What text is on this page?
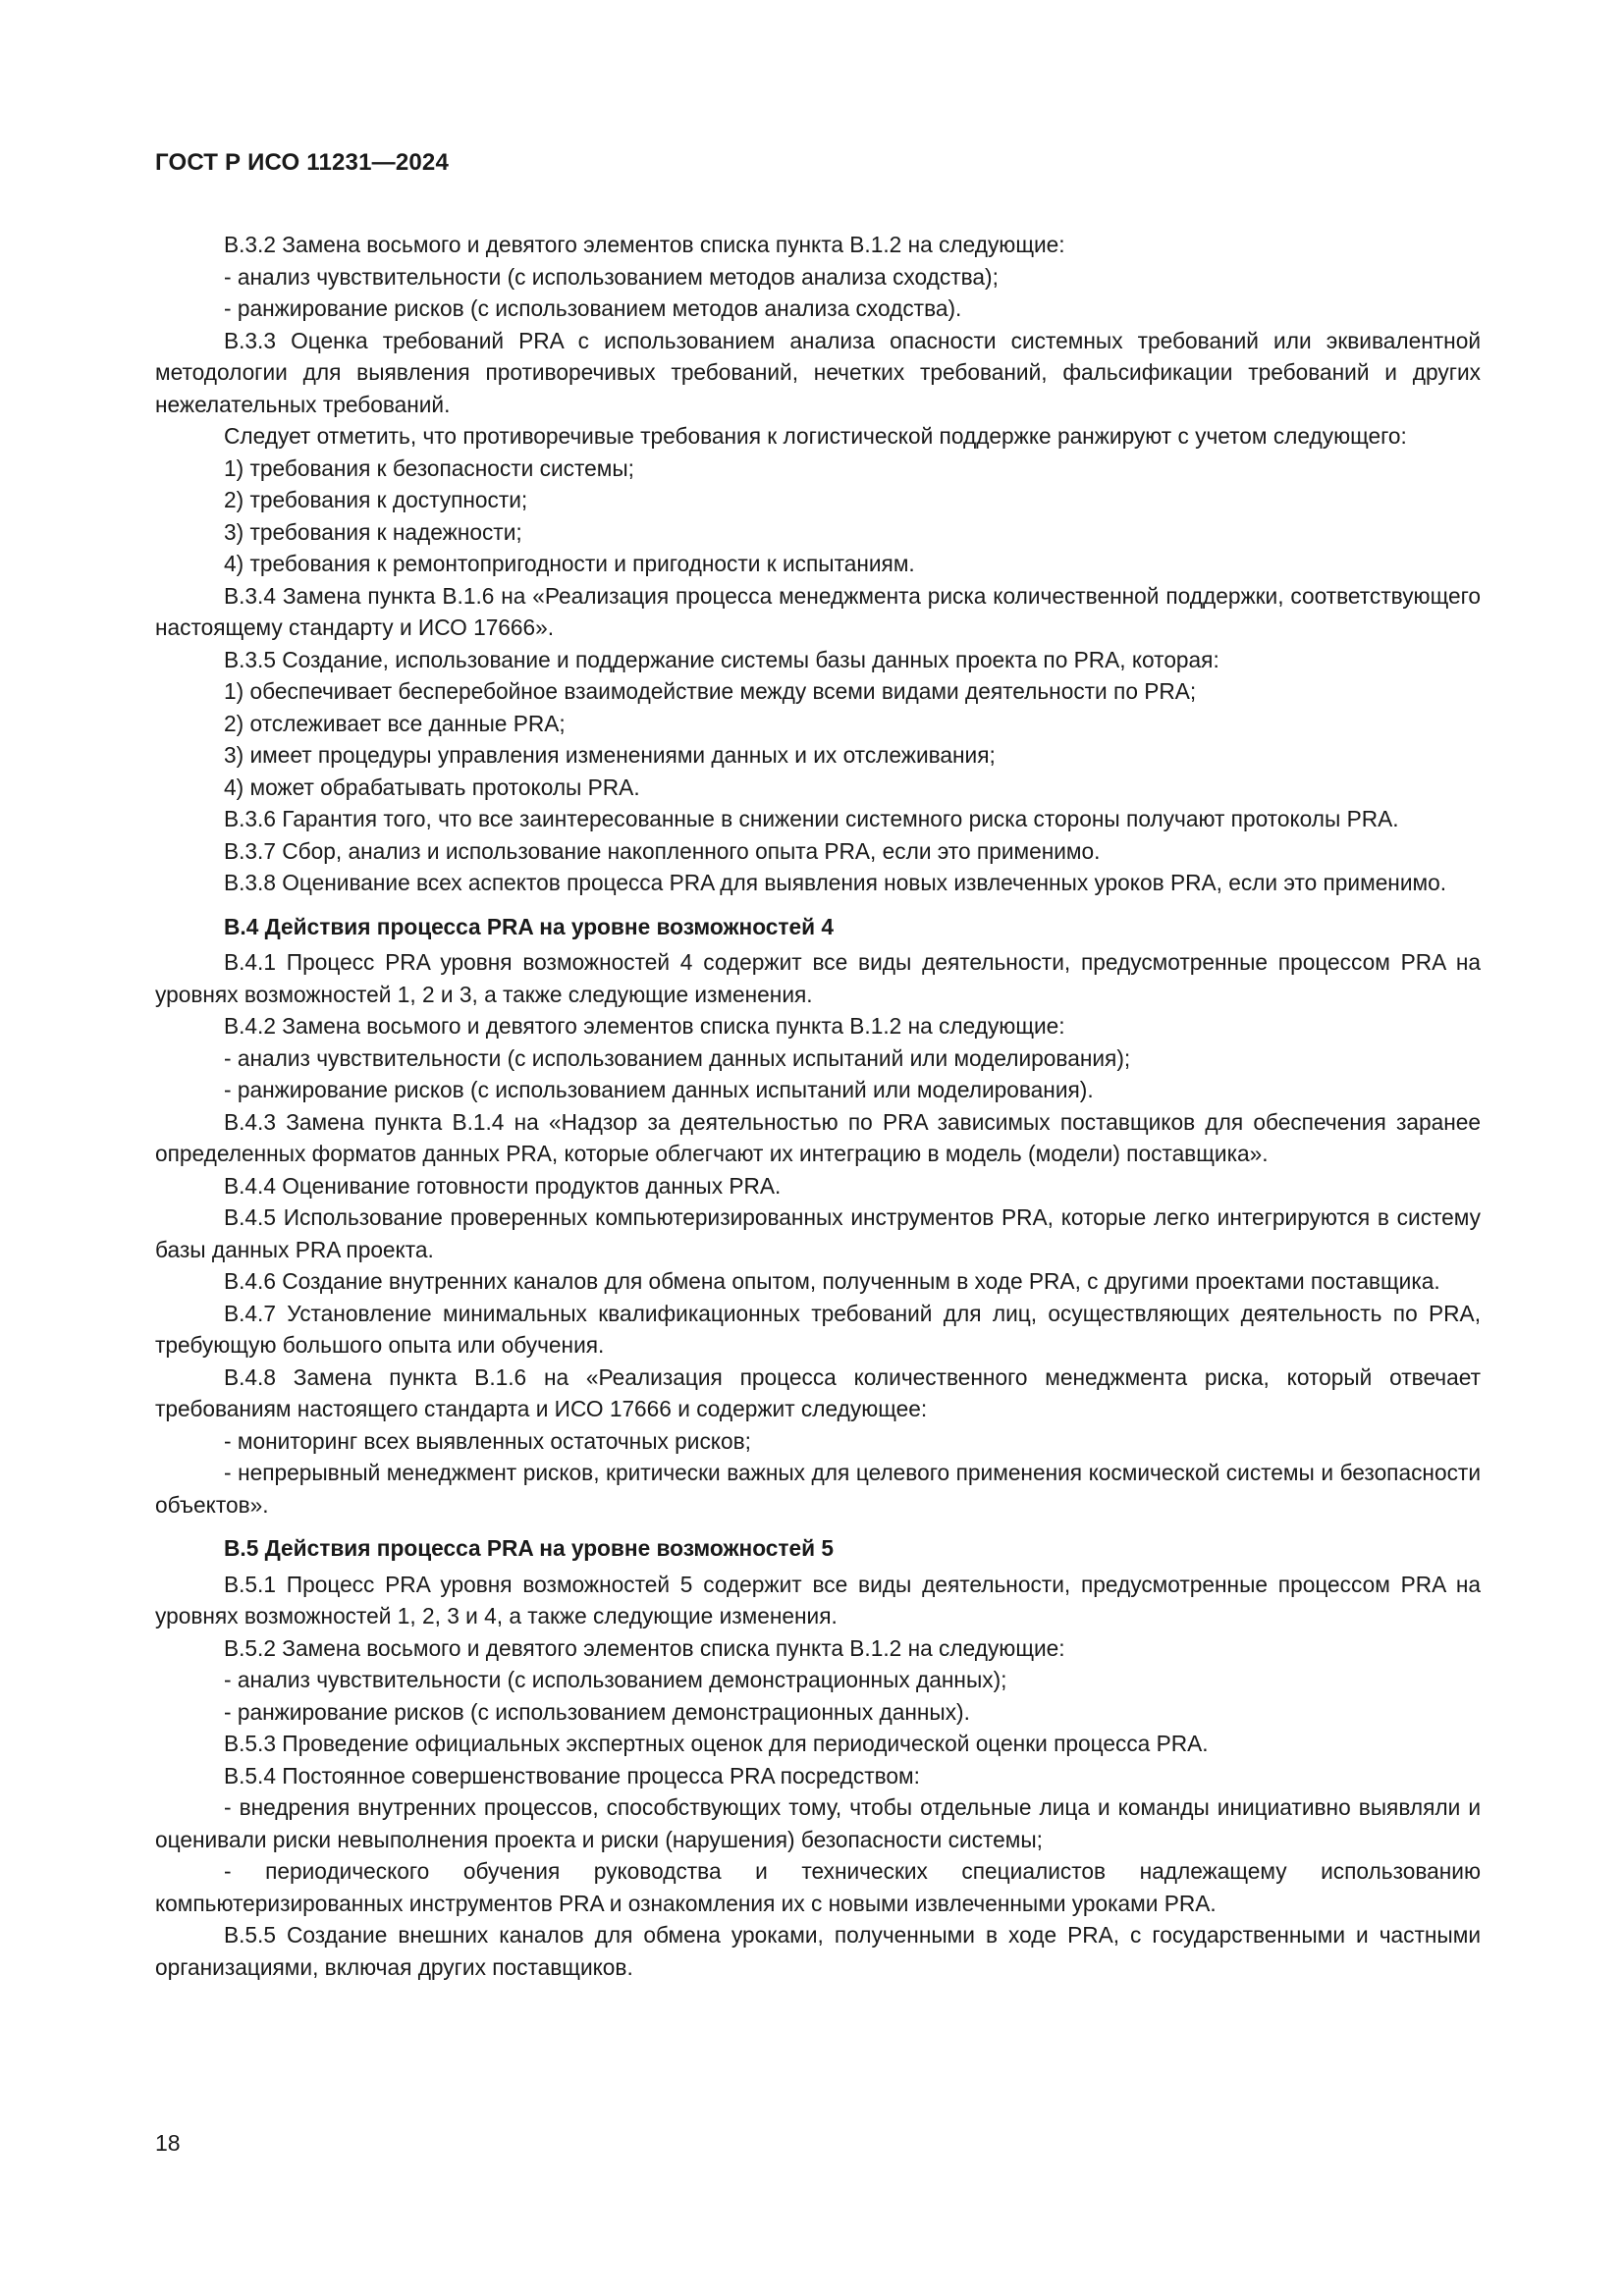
ГОСТ Р ИСО 11231—2024

B.3.2 Замена восьмого и девятого элементов списка пункта B.1.2 на следующие:

- анализ чувствительности (с использованием методов анализа сходства);

- ранжирование рисков (с использованием методов анализа сходства).

B.3.3 Оценка требований PRA с использованием анализа опасности системных требований или эквивалентной методологии для выявления противоречивых требований, нечетких требований, фальсификации требований и других нежелательных требований.

Следует отметить, что противоречивые требования к логистической поддержке ранжируют с учетом следующего:

1) требования к безопасности системы;

2) требования к доступности;

3) требования к надежности;

4) требования к ремонтопригодности и пригодности к испытаниям.

B.3.4 Замена пункта B.1.6 на «Реализация процесса менеджмента риска количественной поддержки, соответствующего настоящему стандарту и ИСО 17666».

B.3.5 Создание, использование и поддержание системы базы данных проекта по PRA, которая:

1) обеспечивает бесперебойное взаимодействие между всеми видами деятельности по PRA;

2) отслеживает все данные PRA;

3) имеет процедуры управления изменениями данных и их отслеживания;

4) может обрабатывать протоколы PRA.

B.3.6 Гарантия того, что все заинтересованные в снижении системного риска стороны получают протоколы PRA.

B.3.7 Сбор, анализ и использование накопленного опыта PRA, если это применимо.

B.3.8 Оценивание всех аспектов процесса PRA для выявления новых извлеченных уроков PRA, если это применимо.

B.4 Действия процесса PRA на уровне возможностей 4

B.4.1 Процесс PRA уровня возможностей 4 содержит все виды деятельности, предусмотренные процессом PRA на уровнях возможностей 1, 2 и 3, а также следующие изменения.

B.4.2 Замена восьмого и девятого элементов списка пункта B.1.2 на следующие:

- анализ чувствительности (с использованием данных испытаний или моделирования);

- ранжирование рисков (с использованием данных испытаний или моделирования).

B.4.3 Замена пункта B.1.4 на «Надзор за деятельностью по PRA зависимых поставщиков для обеспечения заранее определенных форматов данных PRA, которые облегчают их интеграцию в модель (модели) поставщика».

B.4.4 Оценивание готовности продуктов данных PRA.

B.4.5 Использование проверенных компьютеризированных инструментов PRA, которые легко интегрируются в систему базы данных PRA проекта.

B.4.6 Создание внутренних каналов для обмена опытом, полученным в ходе PRA, с другими проектами поставщика.

B.4.7 Установление минимальных квалификационных требований для лиц, осуществляющих деятельность по PRA, требующую большого опыта или обучения.

B.4.8 Замена пункта B.1.6 на «Реализация процесса количественного менеджмента риска, который отвечает требованиям настоящего стандарта и ИСО 17666 и содержит следующее:

- мониторинг всех выявленных остаточных рисков;

- непрерывный менеджмент рисков, критически важных для целевого применения космической системы и безопасности объектов».

B.5 Действия процесса PRA на уровне возможностей 5

B.5.1 Процесс PRA уровня возможностей 5 содержит все виды деятельности, предусмотренные процессом PRA на уровнях возможностей 1, 2, 3 и 4, а также следующие изменения.

B.5.2 Замена восьмого и девятого элементов списка пункта B.1.2 на следующие:

- анализ чувствительности (с использованием демонстрационных данных);

- ранжирование рисков (с использованием демонстрационных данных).

B.5.3 Проведение официальных экспертных оценок для периодической оценки процесса PRA.

B.5.4 Постоянное совершенствование процесса PRA посредством:

- внедрения внутренних процессов, способствующих тому, чтобы отдельные лица и команды инициативно выявляли и оценивали риски невыполнения проекта и риски (нарушения) безопасности системы;

- периодического обучения руководства и технических специалистов надлежащему использованию компьютеризированных инструментов PRA и ознакомления их с новыми извлеченными уроками PRA.

B.5.5 Создание внешних каналов для обмена уроками, полученными в ходе PRA, с государственными и частными организациями, включая других поставщиков.

18
